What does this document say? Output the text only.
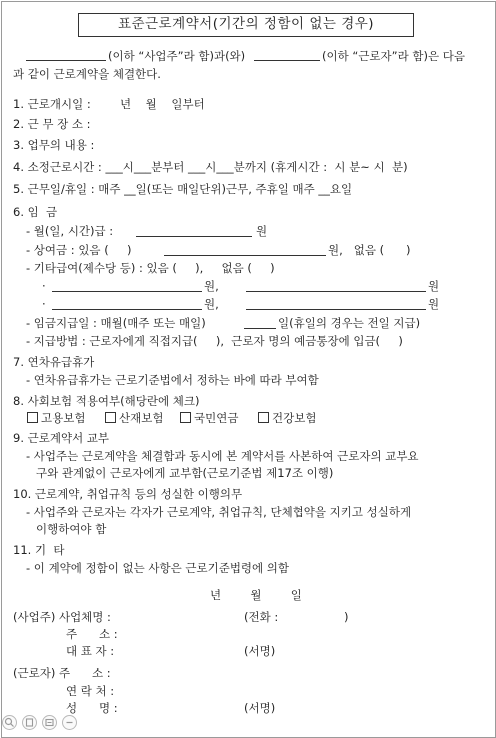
표준근로계약서(기간의 정함이 없는 경우)
(이하 “사업주”라 함)과(와)	(이하 “근로자”라 함)은 다음
과 같이 근로계약을 체결한다.
1. 근로개시일 :        년    월    일부터
2. 근 무 장 소 :
3. 업무의 내용 :
4. 소정근로시간 : ___시___분부터 ___시___분까지 (휴게시간 :  시 분~ 시  분)
5. 근무일/휴일 : 매주 __일(또는 매일단위)근무, 주휴일 매주 __요일
6. 임  금
- 월(일, 시간)급 :	원
- 상여금 : 있음 (     )	원,   없음 (      )
- 기타급여(제수당 등) : 있음 (     ),     없음 (     )
·	원,	원
·	원,	원
- 임금지급일 : 매월(매주 또는 매일)	일(휴일의 경우는 전일 지급)
- 지급방법 : 근로자에게 직접지급(     ),  근로자 명의 예금통장에 입금(     )
7. 연차유급휴가
- 연차유급휴가는 근로기준법에서 정하는 바에 따라 부여함
8. 사회보험 적용여부(해당란에 체크)
고용보험	산재보험	국민연금	건강보험
9. 근로계약서 교부
- 사업주는 근로계약을 체결함과 동시에 본 계약서를 사본하여 근로자의 교부요
구와 관계없이 근로자에게 교부함(근로기준법 제17조 이행)
10. 근로계약, 취업규칙 등의 성실한 이행의무
- 사업주와 근로자는 각자가 근로계약, 취업규칙, 단체협약을 지키고 성실하게
이행하여야 함
11. 기  타
- 이 계약에 정함이 없는 사항은 근로기준법령에 의함
년        월        일
(사업주) 사업체명 :	(전화 :                  )
주      소 :
대 표 자 :	(서명)
(근로자) 주      소 :
연 락 처 :
성      명 :	(서명)
